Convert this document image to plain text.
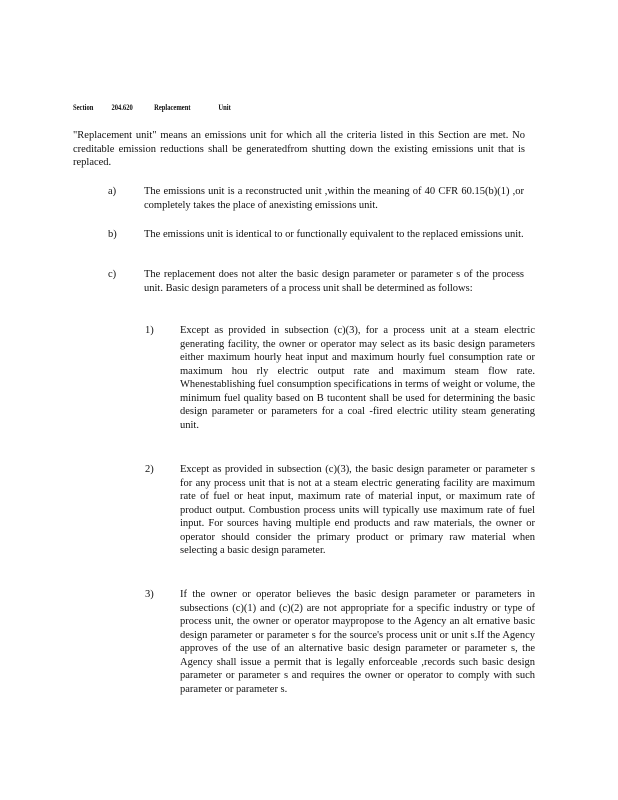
Section 204.620	Replacement	Unit
"Replacement unit" means an emissions unit for which all the criteria listed in this Section are met. No creditable emission reductions shall be generatedfrom shutting down the existing emissions unit that is replaced.
a)	The emissions unit is a reconstructed unit ,within the meaning of 40 CFR 60.15(b)(1) ,or completely takes the place of anexisting emissions unit.
b)	The emissions unit is identical to or functionally equivalent to the replaced emissions unit.
c)	The replacement does not alter the basic design parameter or parameter s of the process unit. Basic design parameters of a process unit shall be determined as follows:
1)	Except as provided in subsection (c)(3), for a process unit at a steam electric generating facility, the owner or operator may select as its basic design parameters either maximum hourly heat input and maximum hourly fuel consumption rate or maximum hou rly electric output rate and maximum steam flow rate. Whenestablishing fuel consumption specifications in terms of weight or volume, the minimum fuel quality based on B tucontent shall be used for determining the basic design parameter or parameters for a coal -fired electric utility steam generating unit.
2)	Except as provided in subsection (c)(3), the basic design parameter or parameter s for any process unit that is not at a steam electric generating facility are maximum rate of fuel or heat input, maximum rate of material input, or maximum rate of product output. Combustion process units will typically use maximum rate of fuel input. For sources having multiple end products and raw materials, the owner or operator should consider the primary product or primary raw material when selecting a basic design parameter.
3)	If the owner or operator believes the basic design parameter or parameters in subsections (c)(1) and (c)(2) are not appropriate for a specific industry or type of process unit, the owner or operator maypropose to the Agency an alt ernative basic design parameter or parameter s for the source's process unit or unit s.If the Agency approves of the use of an alternative basic design parameter or parameter s, the Agency shall issue a permit that is legally enforceable ,records such basic design parameter or parameter s and requires the owner or operator to comply with such parameter or parameter s.
